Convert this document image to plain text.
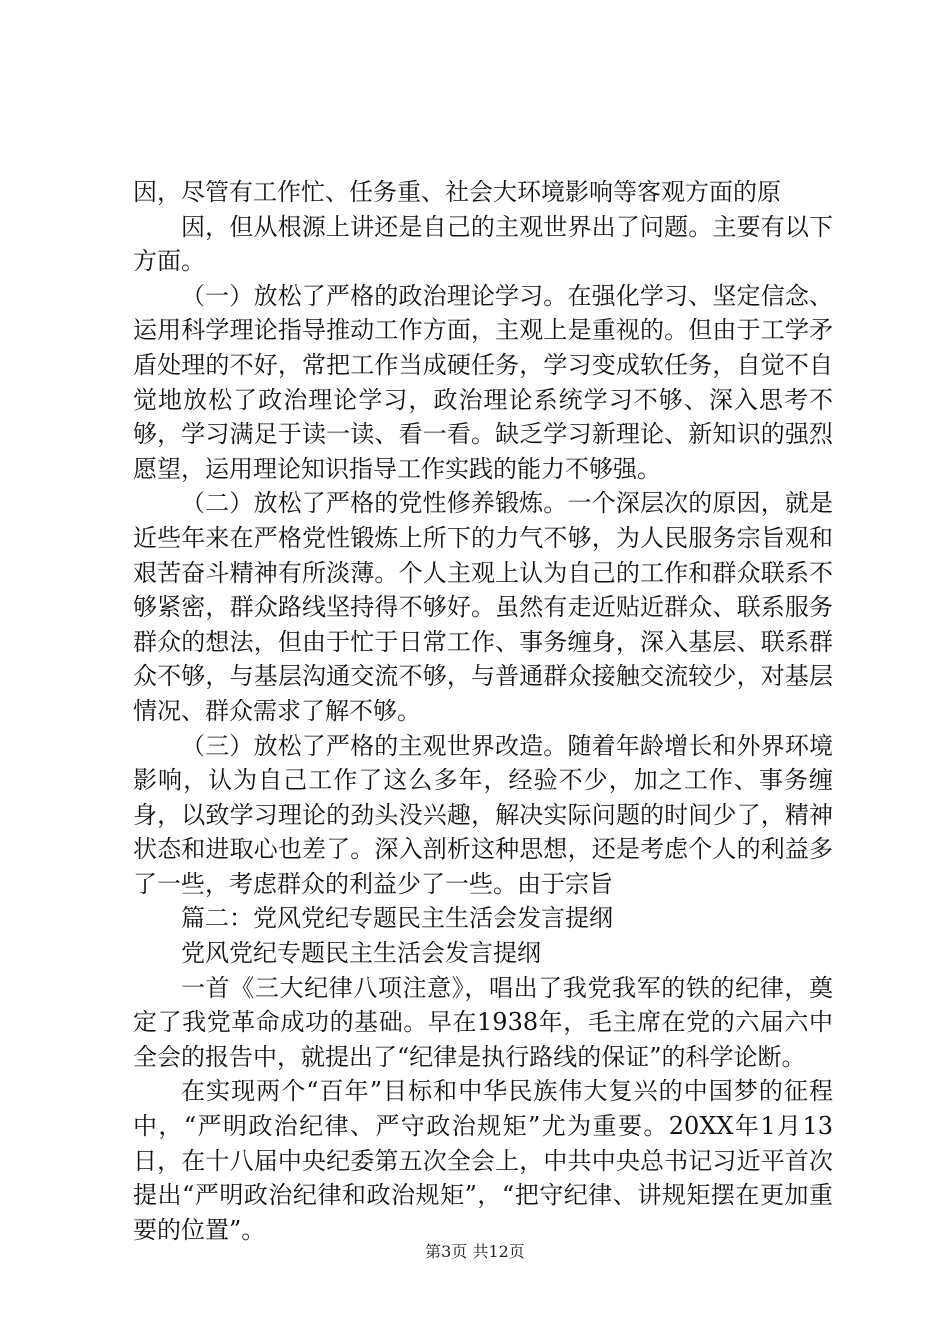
因，尽管有工作忙、任务重、社会大环境影响等客观方面的原

因，但从根源上讲还是自己的主观世界出了问题。主要有以下方面。

（一）放松了严格的政治理论学习。在强化学习、坚定信念、运用科学理论指导推动工作方面，主观上是重视的。但由于工学矛盾处理的不好，常把工作当成硬任务，学习变成软任务，自觉不自觉地放松了政治理论学习，政治理论系统学习不够、深入思考不够，学习满足于读一读、看一看。缺乏学习新理论、新知识的强烈愿望，运用理论知识指导工作实践的能力不够强。

（二）放松了严格的党性修养锻炼。一个深层次的原因，就是近些年来在严格党性锻炼上所下的力气不够，为人民服务宗旨观和艰苦奋斗精神有所淡薄。个人主观上认为自己的工作和群众联系不够紧密，群众路线坚持得不够好。虽然有走近贴近群众、联系服务群众的想法，但由于忙于日常工作、事务缠身，深入基层、联系群众不够，与基层沟通交流不够，与普通群众接触交流较少，对基层情况、群众需求了解不够。

（三）放松了严格的主观世界改造。随着年龄增长和外界环境影响，认为自己工作了这么多年，经验不少，加之工作、事务缠身，以致学习理论的劲头没兴趣，解决实际问题的时间少了，精神状态和进取心也差了。深入剖析这种思想，还是考虑个人的利益多了一些，考虑群众的利益少了一些。由于宗旨

篇二：党风党纪专题民主生活会发言提纲

党风党纪专题民主生活会发言提纲

一首《三大纪律八项注意》，唱出了我党我军的铁的纪律，奠定了我党革命成功的基础。早在1938年，毛主席在党的六届六中全会的报告中，就提出了“纪律是执行路线的保证”的科学论断。

在实现两个“百年”目标和中华民族伟大复兴的中国梦的征程中，“严明政治纪律、严守政治规矩”尤为重要。20XX年1月13日，在十八届中央纪委第五次全会上，中共中央总书记习近平首次提出“严明政治纪律和政治规矩”，“把守纪律、讲规矩摆在更加重要的位置”。

第3页 共12页
